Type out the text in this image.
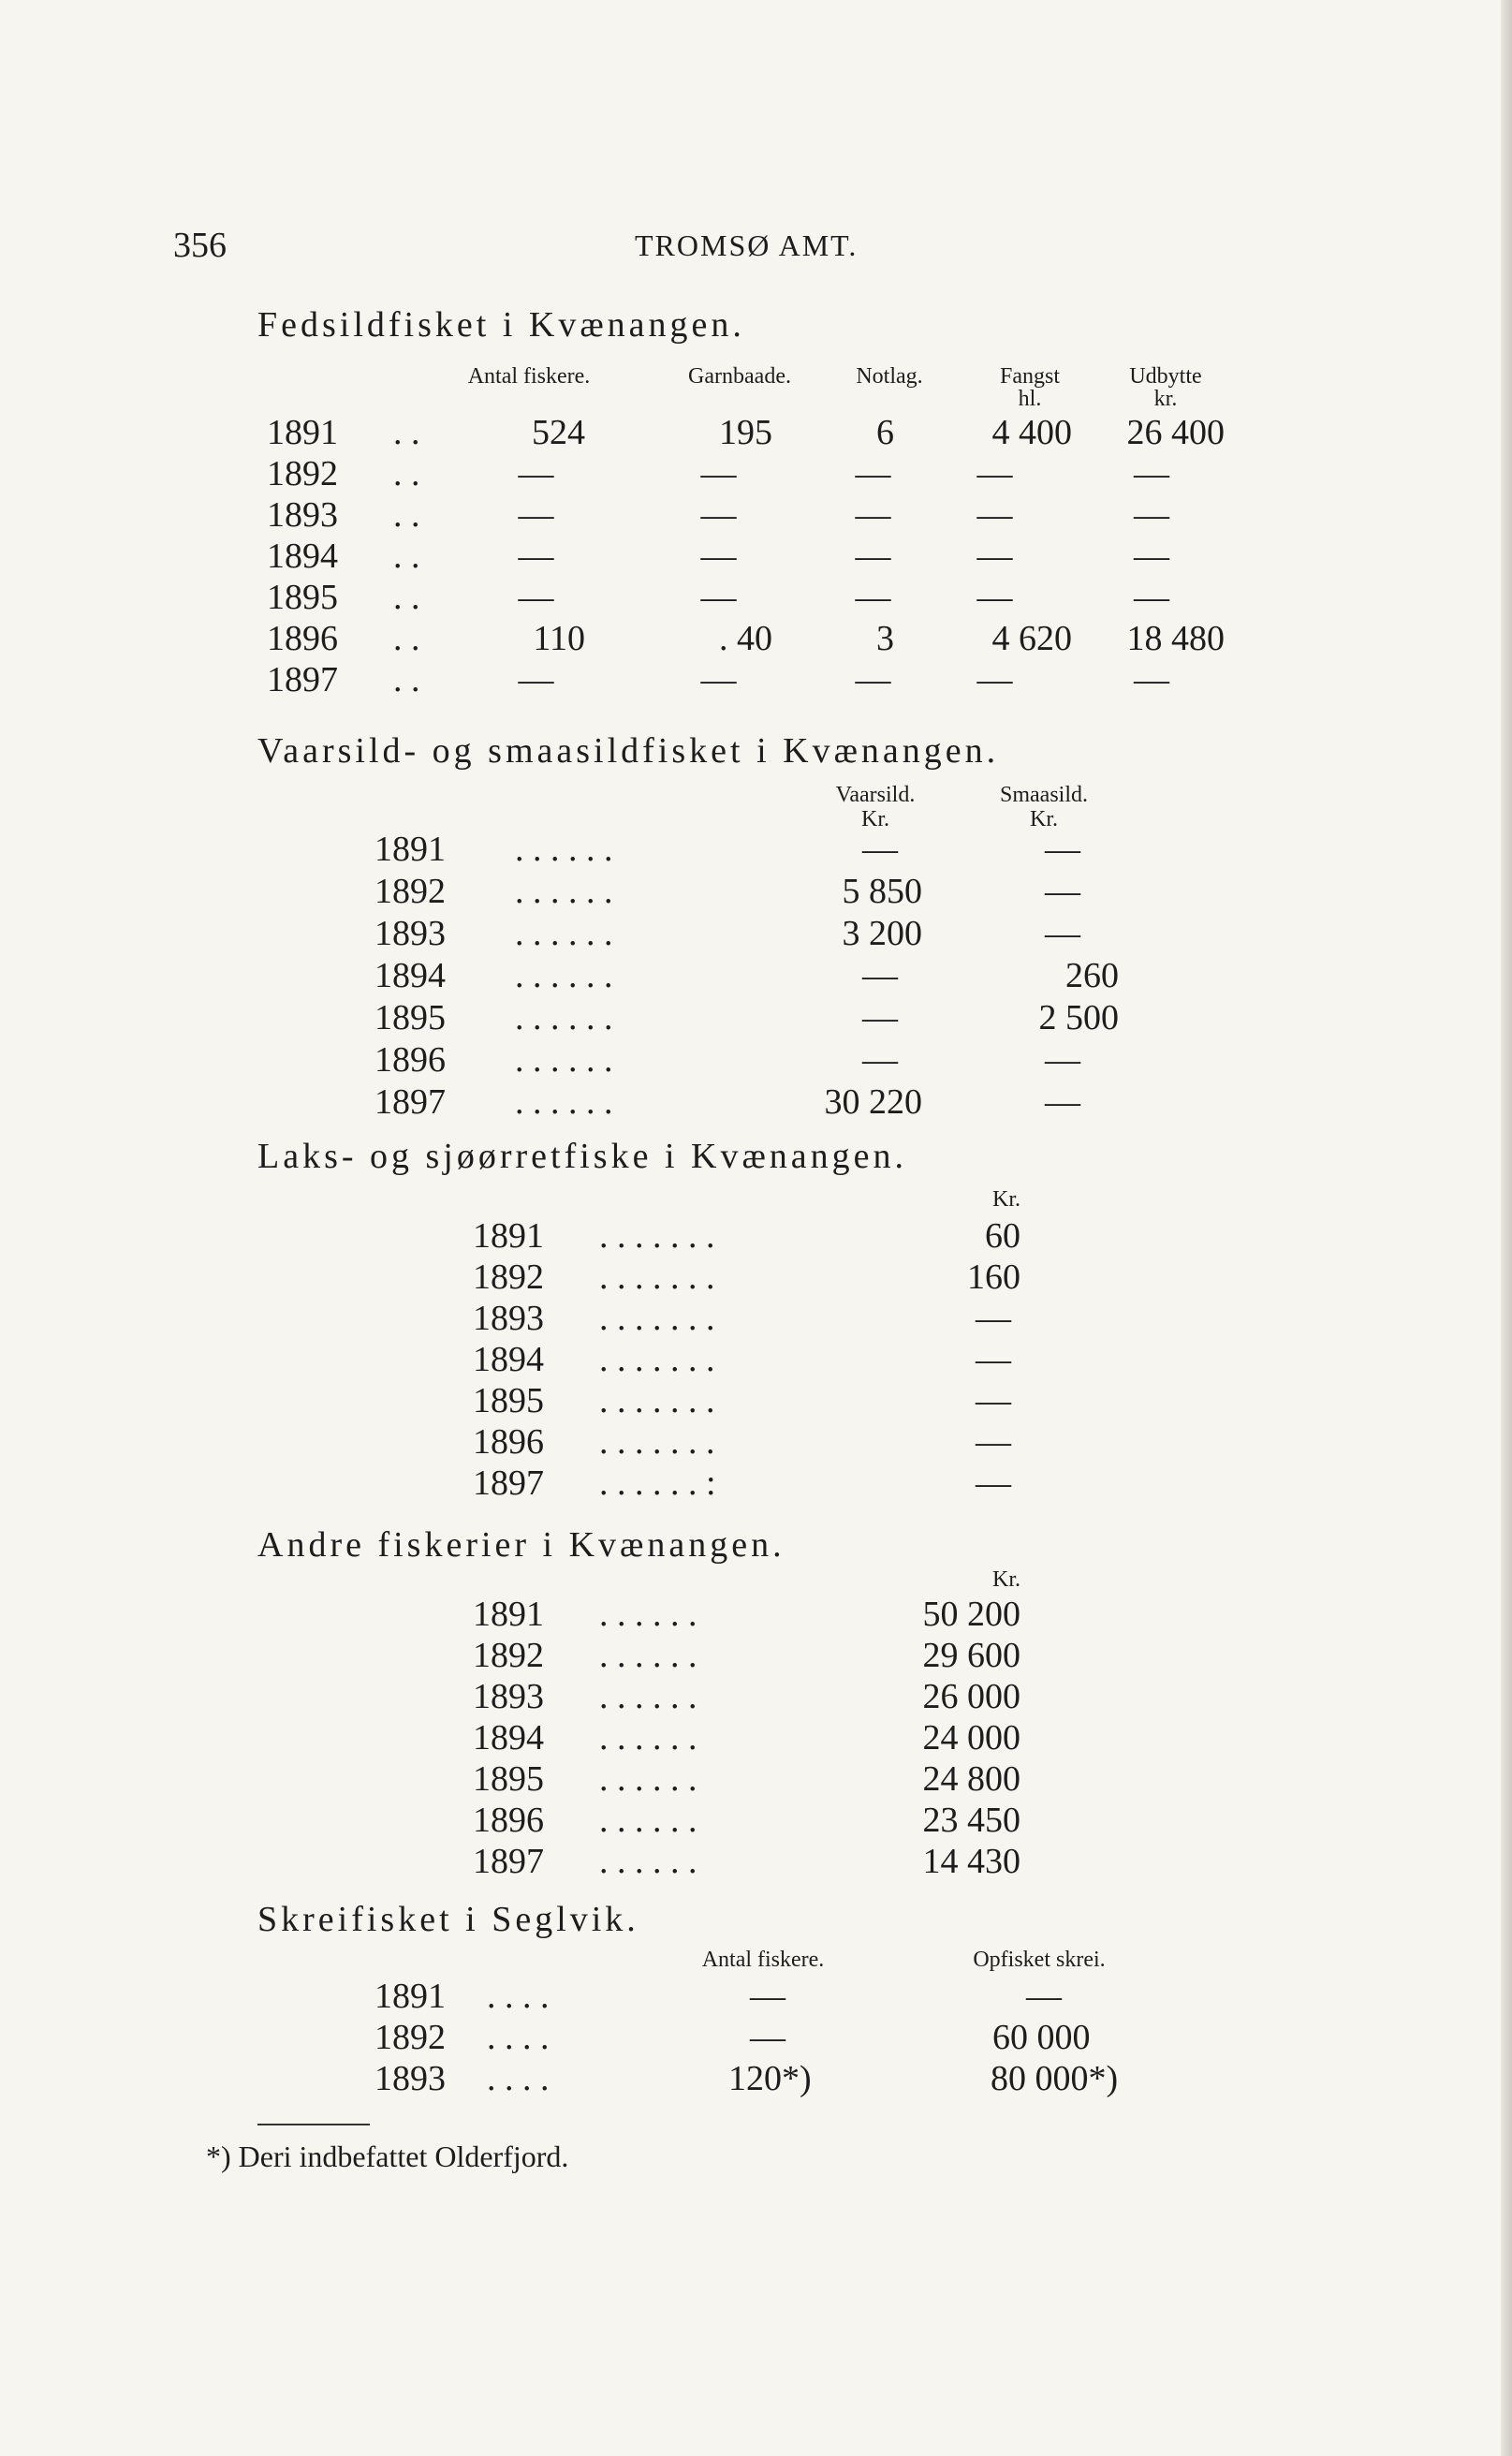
356	TROMSØ AMT.
Fedsildfisket i Kvænangen.
Antal fiskere.	Garnbaade.	Notlag.	Fangst	Udbytte
hl.	kr.
1891 . .	524	195	6	4 400	26 400
1892 . .	—	—	—	—	—
1893 . .	—	—	—	—	—
1894 . .	—	—	—	—	—
1895 . .	—	—	—	—	—
1896 . .	110	. 40	3	4 620	18 480
1897 . .	—	—	—	—	—
Vaarsild- og smaasildfisket i Kvænangen.
Vaarsild.	Smaasild.
Kr.	Kr.
1891 . . . . . .	—	—
1892 . . . . . .	5 850	—
1893 . . . . . .	3 200	—
1894 . . . . . .	—	260
1895 . . . . . .	—	2 500
1896 . . . . . .	—	—
1897 . . . . . .	30 220	—
Laks- og sjøørretfiske i Kvænangen.
Kr.
1891 . . . . . . .	60
1892 . . . . . . .	160
1893 . . . . . . .	—
1894 . . . . . . .	—
1895 . . . . . . .	—
1896 . . . . . . .	—
1897 . . . . . . :	—
Andre fiskerier i Kvænangen.
Kr.
1891 . . . . . .	50 200
1892 . . . . . .	29 600
1893 . . . . . .	26 000
1894 . . . . . .	24 000
1895 . . . . . .	24 800
1896 . . . . . .	23 450
1897 . . . . . .	14 430
Skreifisket i Seglvik.
Antal fiskere.	Opfisket skrei.
1891 . . . .	—	—
1892 . . . .	—	60 000
1893 . . . .	120*)	80 000*)
*) Deri indbefattet Olderfjord.
